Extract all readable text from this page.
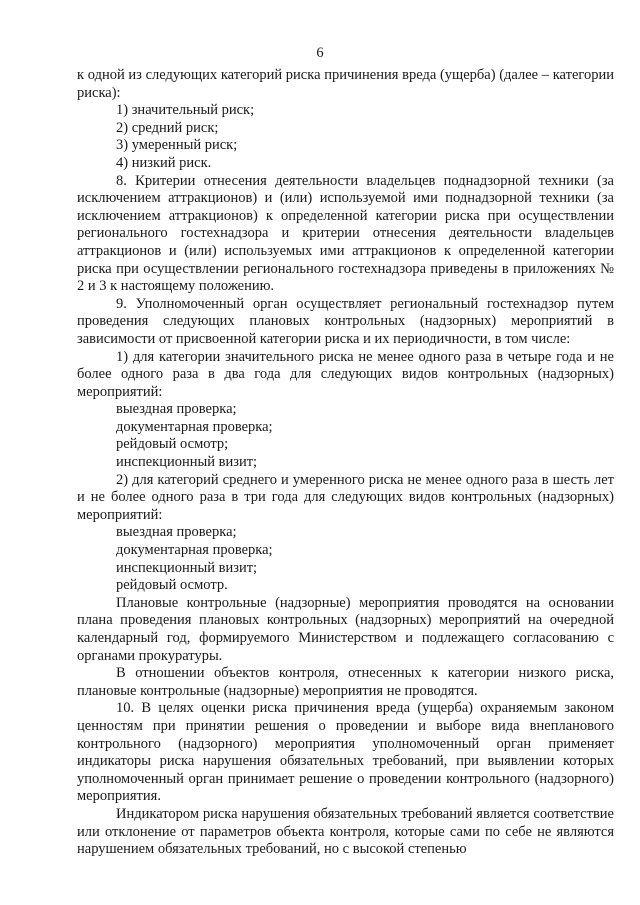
6

к одной из следующих категорий риска причинения вреда (ущерба) (далее – категории риска):

1) значительный риск;

2) средний риск;

3) умеренный риск;

4) низкий риск.

8. Критерии отнесения деятельности владельцев поднадзорной техники (за исключением аттракционов) и (или) используемой ими поднадзорной техники (за исключением аттракционов) к определенной категории риска при осуществлении регионального гостехнадзора и критерии отнесения деятельности владельцев аттракционов и (или) используемых ими аттракционов к определенной категории риска при осуществлении регионального гостехнадзора приведены в приложениях № 2 и 3 к настоящему положению.

9. Уполномоченный орган осуществляет региональный гостехнадзор путем проведения следующих плановых контрольных (надзорных) мероприятий в зависимости от присвоенной категории риска и их периодичности, в том числе:

1) для категории значительного риска не менее одного раза в четыре года и не более одного раза в два года для следующих видов контрольных (надзорных) мероприятий:

выездная проверка;

документарная проверка;

рейдовый осмотр;

инспекционный визит;

2) для категорий среднего и умеренного риска не менее одного раза в шесть лет и не более одного раза в три года для следующих видов контрольных (надзорных) мероприятий:

выездная проверка;

документарная проверка;

инспекционный визит;

рейдовый осмотр.

Плановые контрольные (надзорные) мероприятия проводятся на основании плана проведения плановых контрольных (надзорных) мероприятий на очередной календарный год, формируемого Министерством и подлежащего согласованию с органами прокуратуры.

В отношении объектов контроля, отнесенных к категории низкого риска, плановые контрольные (надзорные) мероприятия не проводятся.

10. В целях оценки риска причинения вреда (ущерба) охраняемым законом ценностям при принятии решения о проведении и выборе вида внепланового контрольного (надзорного) мероприятия уполномоченный орган применяет индикаторы риска нарушения обязательных требований, при выявлении которых уполномоченный орган принимает решение о проведении контрольного (надзорного) мероприятия.

Индикатором риска нарушения обязательных требований является соответствие или отклонение от параметров объекта контроля, которые сами по себе не являются нарушением обязательных требований, но с высокой степенью
